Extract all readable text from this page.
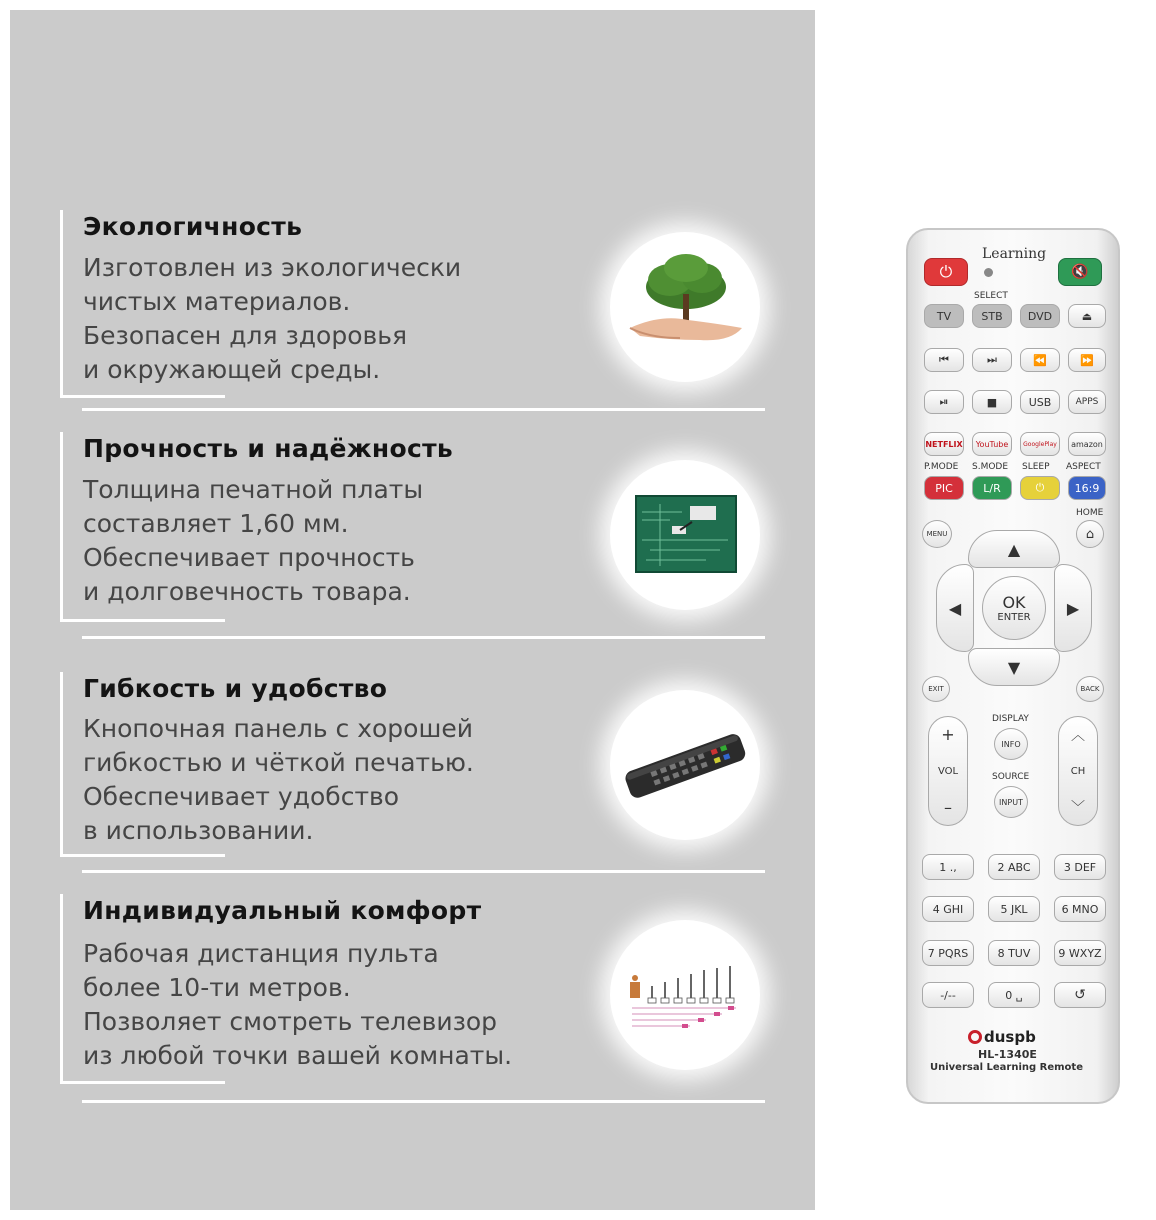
Экологичность

Изготовлен из экологически

чистых материалов.

Безопасен для здоровья

и окружающей среды.

Прочность и надёжность

Толщина печатной платы

составляет 1,60 мм.

Обеспечивает прочность

и долговечность товара.

Гибкость и удобство

Кнопочная панель с хорошей

гибкостью и чёткой печатью.

Обеспечивает удобство

в использовании.

Индивидуальный комфорт

Рабочая дистанция пульта

более 10-ти метров.

Позволяет смотреть телевизор

из любой точки вашей комнаты.

Learning
⏻	🔇
SELECT
TV	STB	DVD	⏏
⏮	⏭	⏪	⏩
⏯	■	USB	APPS
NETFLIX	YouTube	GooglePlay	amazon
P.MODE S.MODE SLEEP ASPECT
PIC	L/R	⏻	16:9
HOME
⌂
MENU
▲
▼
◀	▶
OK
ENTER
EXIT	BACK
+
VOL
–
︿
CH
﹀
DISPLAY
INFO
SOURCE
INPUT
1 .,	2 ABC	3 DEF
4 GHI	5 JKL	6 MNO
7 PQRS	8 TUV	9 WXYZ
-/--	0 ␣	↺
duspb
HL-1340E
Universal Learning Remote
